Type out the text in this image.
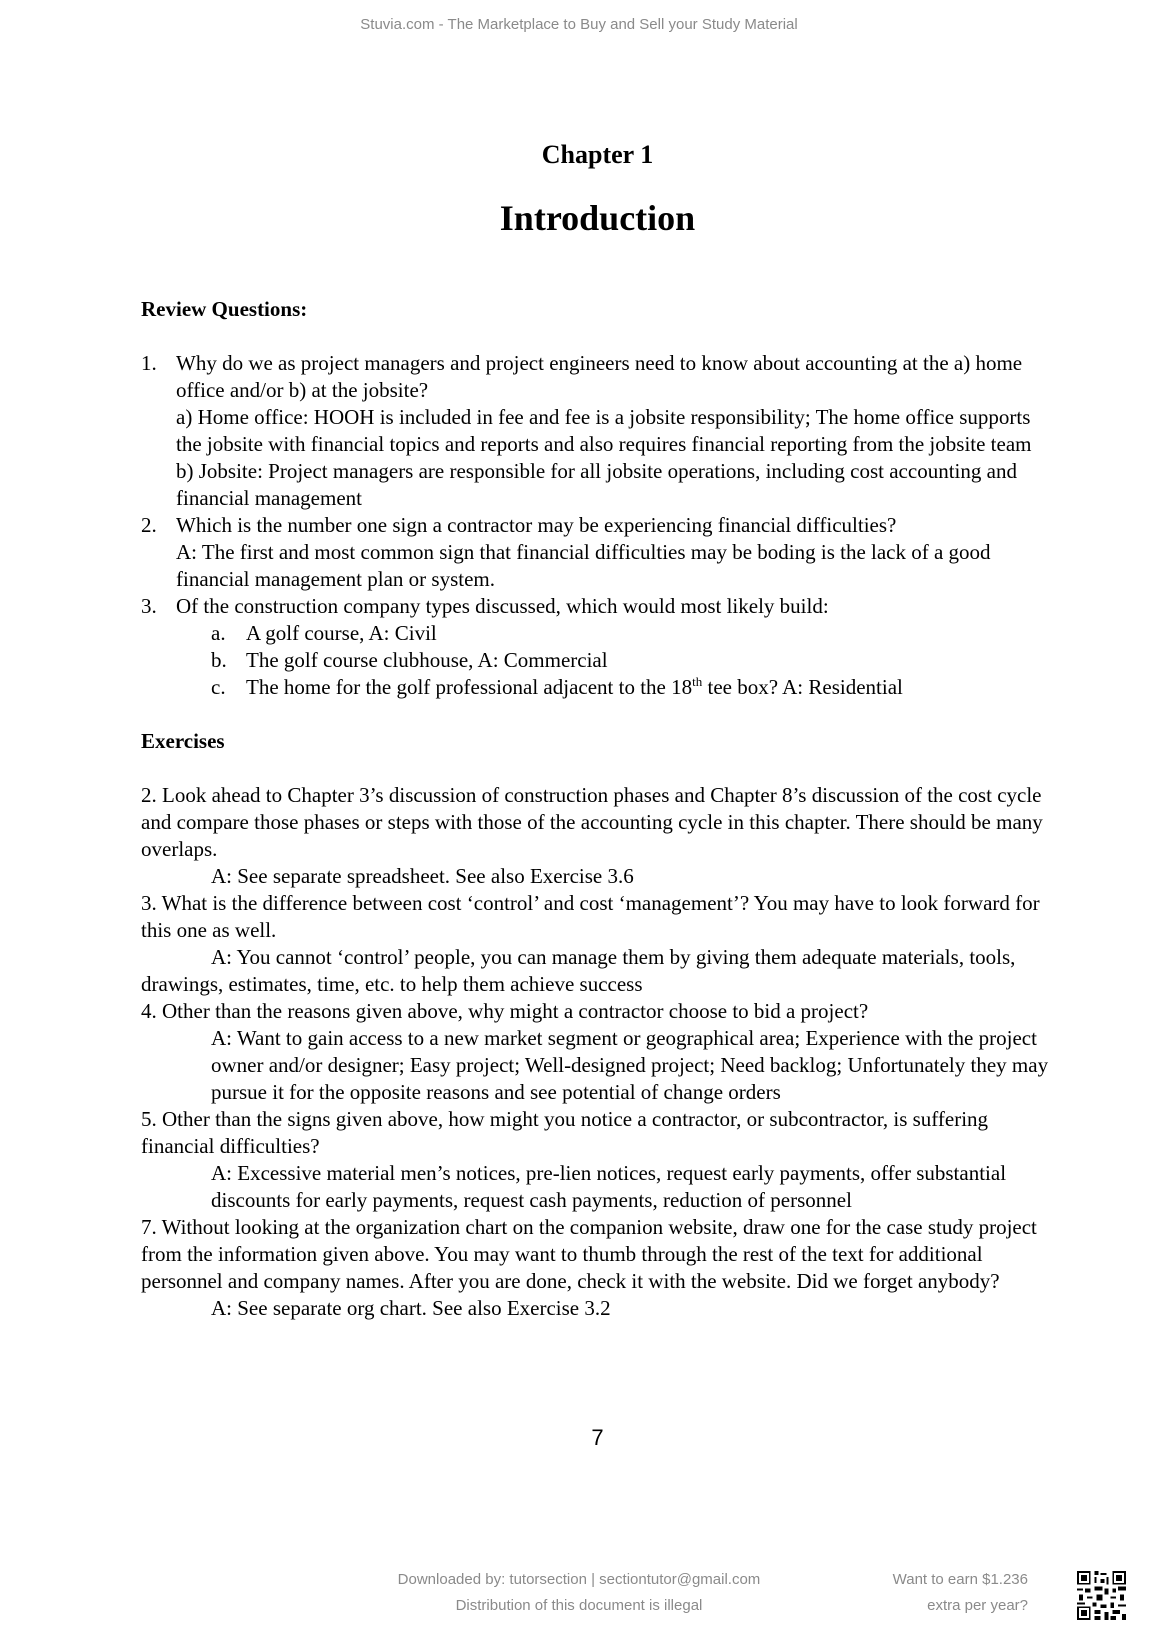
Stuvia.com - The Marketplace to Buy and Sell your Study Material
Chapter 1
Introduction

Review Questions:

1. Why do we as project managers and project engineers need to know about accounting at the a) home office and/or b) at the jobsite?
a) Home office: HOOH is included in fee and fee is a jobsite responsibility; The home office supports the jobsite with financial topics and reports and also requires financial reporting from the jobsite team
b) Jobsite: Project managers are responsible for all jobsite operations, including cost accounting and financial management
2. Which is the number one sign a contractor may be experiencing financial difficulties?
A: The first and most common sign that financial difficulties may be boding is the lack of a good financial management plan or system.
3. Of the construction company types discussed, which would most likely build:
a. A golf course, A: Civil
b. The golf course clubhouse, A: Commercial
c. The home for the golf professional adjacent to the 18th tee box? A: Residential

Exercises

2. Look ahead to Chapter 3’s discussion of construction phases and Chapter 8’s discussion of the cost cycle and compare those phases or steps with those of the accounting cycle in this chapter. There should be many overlaps.

A: See separate spreadsheet. See also Exercise 3.6

3. What is the difference between cost ‘control’ and cost ‘management’? You may have to look forward for this one as well.

A: You cannot ‘control’ people, you can manage them by giving them adequate materials, tools, drawings, estimates, time, etc. to help them achieve success

4. Other than the reasons given above, why might a contractor choose to bid a project?

A: Want to gain access to a new market segment or geographical area; Experience with the project owner and/or designer; Easy project; Well-designed project; Need backlog; Unfortunately they may pursue it for the opposite reasons and see potential of change orders

5. Other than the signs given above, how might you notice a contractor, or subcontractor, is suffering financial difficulties?

A: Excessive material men’s notices, pre-lien notices, request early payments, offer substantial discounts for early payments, request cash payments, reduction of personnel

7. Without looking at the organization chart on the companion website, draw one for the case study project from the information given above. You may want to thumb through the rest of the text for additional personnel and company names. After you are done, check it with the website. Did we forget anybody?

A: See separate org chart. See also Exercise 3.2

7
Downloaded by: tutorsection | sectiontutor@gmail.com
Distribution of this document is illegal
Want to earn $1.236
extra per year?
